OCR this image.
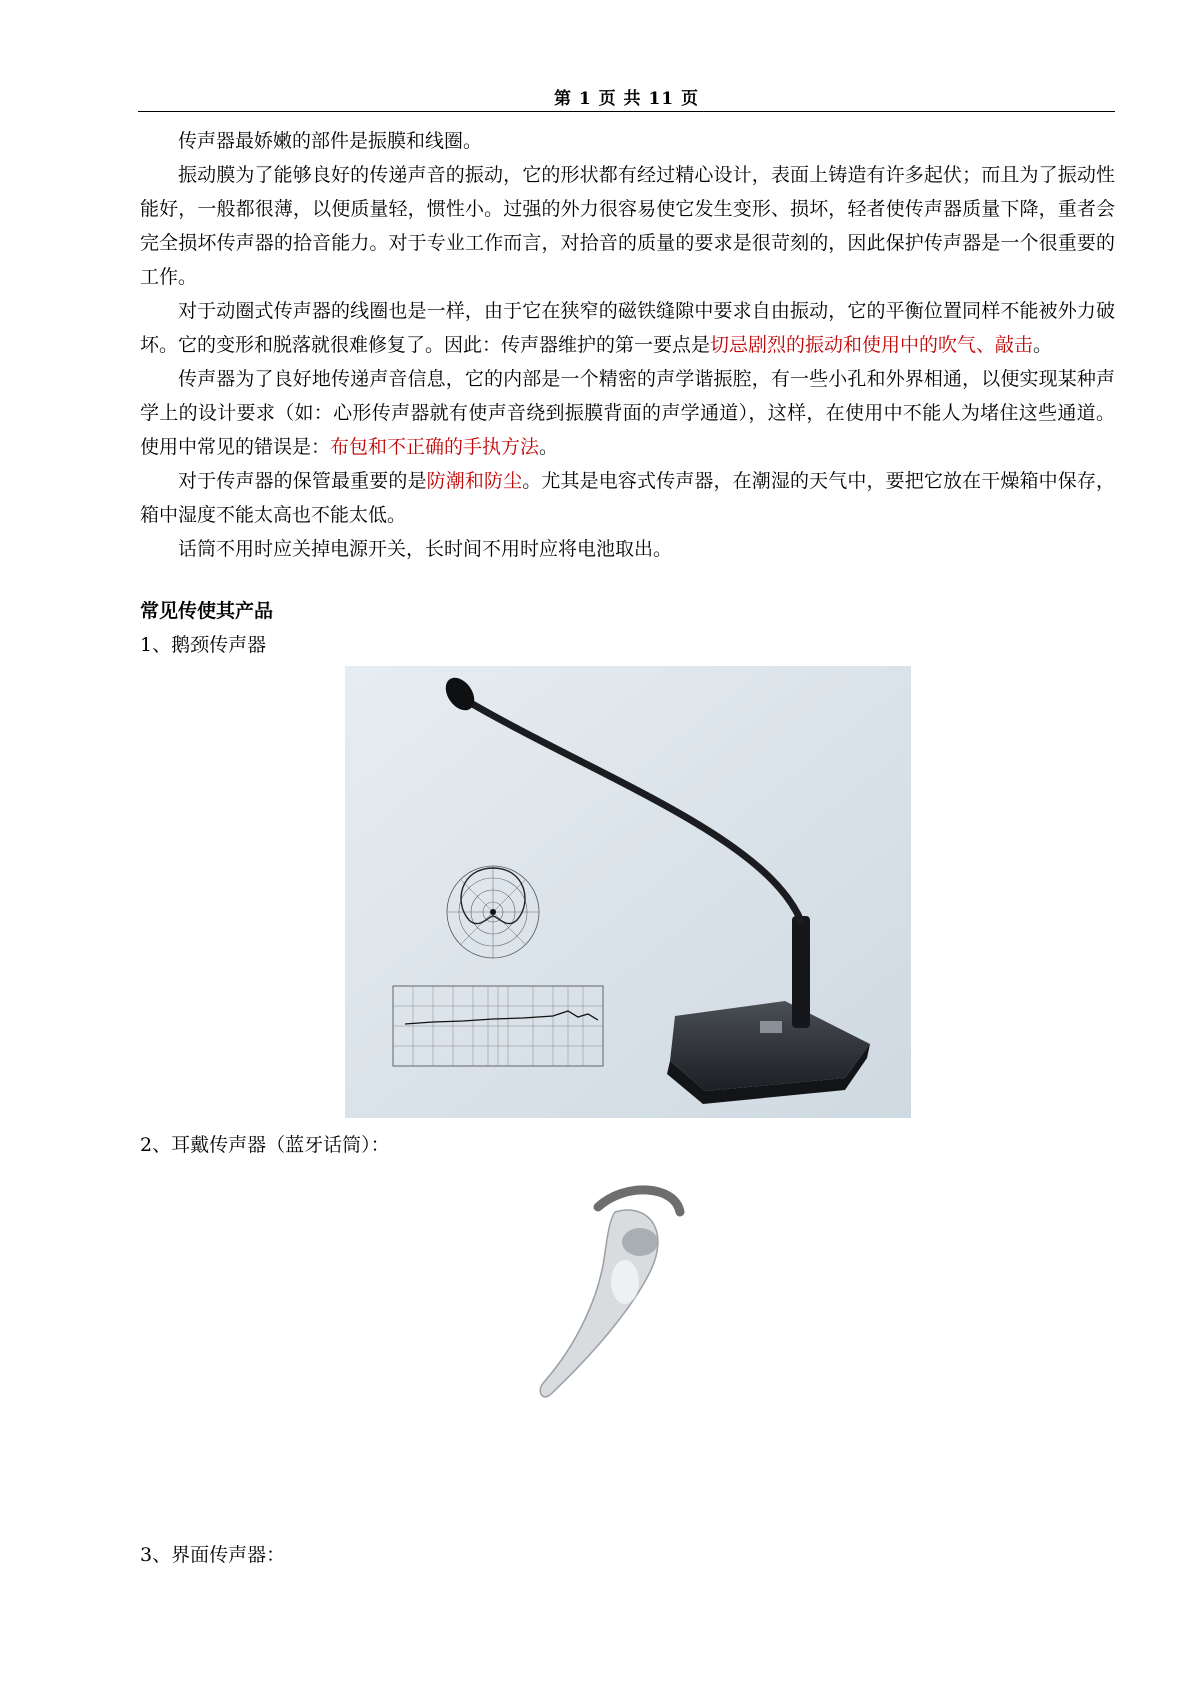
第 1 页 共 11 页

传声器最娇嫩的部件是振膜和线圈。

振动膜为了能够良好的传递声音的振动，它的形状都有经过精心设计，表面上铸造有许多起伏；而且为了振动性能好，一般都很薄，以便质量轻，惯性小。过强的外力很容易使它发生变形、损坏，轻者使传声器质量下降，重者会完全损坏传声器的拾音能力。对于专业工作而言，对拾音的质量的要求是很苛刻的，因此保护传声器是一个很重要的工作。

对于动圈式传声器的线圈也是一样，由于它在狭窄的磁铁缝隙中要求自由振动，它的平衡位置同样不能被外力破坏。它的变形和脱落就很难修复了。因此：传声器维护的第一要点是切忌剧烈的振动和使用中的吹气、敲击。

传声器为了良好地传递声音信息，它的内部是一个精密的声学谐振腔，有一些小孔和外界相通，以便实现某种声学上的设计要求（如：心形传声器就有使声音绕到振膜背面的声学通道），这样，在使用中不能人为堵住这些通道。使用中常见的错误是：布包和不正确的手执方法。

对于传声器的保管最重要的是防潮和防尘。尤其是电容式传声器，在潮湿的天气中，要把它放在干燥箱中保存，箱中湿度不能太高也不能太低。

话筒不用时应关掉电源开关，长时间不用时应将电池取出。

常见传使其产品

1、鹅颈传声器

2、耳戴传声器（蓝牙话筒）：
3、界面传声器：
